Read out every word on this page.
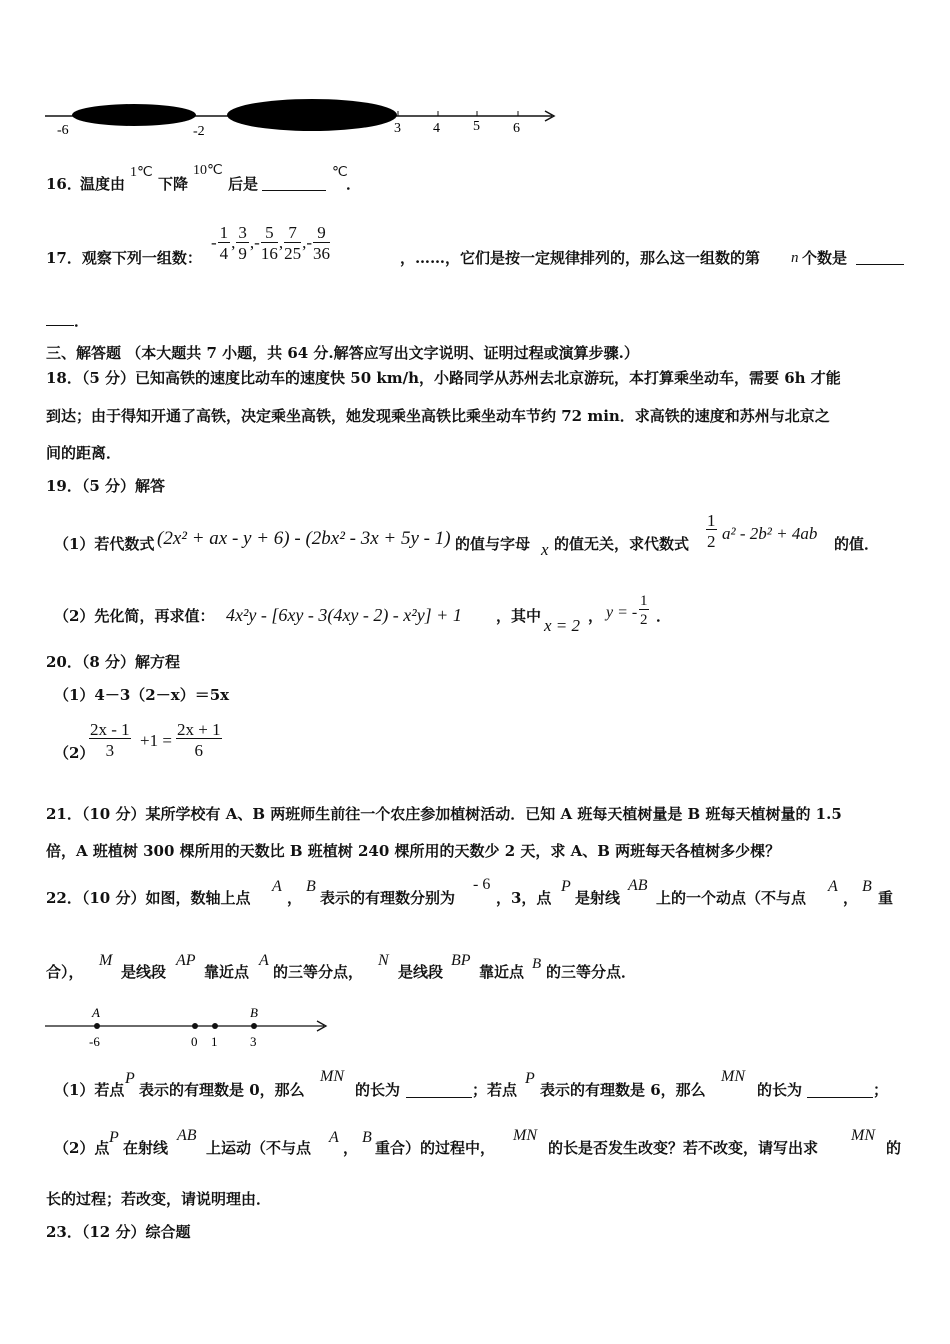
-6	-2	3 4 5 6
16．
温度由
1℃
下降
10℃
后是
℃
．
17．观察下列一组数：
- $\frac{1}{4}$ , $\frac{3}{9}$ ,- $\frac{5}{16}$ , $\frac{7}{25}$ ,- $\frac{9}{36}$	，……，它们是按一定规律排列的，那么这一组数的第 n 个数是
．
三、解答题 （本大题共 7 小题，共 64 分.解答应写出文字说明、证明过程或演算步骤.）
18．（5 分）已知高铁的速度比动车的速度快 50 km/h，小路同学从苏州去北京游玩，本打算乘坐动车，需要 6h 才能
到达；由于得知开通了高铁，决定乘坐高铁，她发现乘坐高铁比乘坐动车节约 72 min．求高铁的速度和苏州与北京之
间的距离．
19．（5 分）解答
（1）若代数式 (2x² + ax - y + 6) - (2bx² - 3x + 5y - 1) 的值与字母 x 的值无关，求代数式 $\frac{1}{2} a^2 - 2b^2 + 4ab$
的值．
（2）先化简，再求值： 4x²y - [6xy - 3(4xy - 2) - x²y] + 1 ，其中 x = 2 ， y = - $\frac{1}{2}$ ．
20．（8 分）解方程
（1）4－3（2－x）＝5x
（2）
$\frac{2x - 1}{3} +1 = \frac{2x + 1}{6}$
21．（10 分）某所学校有 A、B 两班师生前往一个农庄参加植树活动．已知 A 班每天植树量是 B 班每天植树量的 1.5
倍，A 班植树 300 棵所用的天数比 B 班植树 240 棵所用的天数少 2 天，求 A、B 两班每天各植树多少棵？
22．（10 分）如图，数轴上点
A
，
B
表示的有理数分别为
- 6
，3，点
P
是射线
AB
上的一个动点（不与点
A
，
B
重
合），
M
是线段
AP
靠近点
A
的三等分点，
N
是线段
BP
靠近点 B 的三等分点．
A	B
-6	0 1	3
（1）若点
P
表示的有理数是 0，那么
MN
的长为	；若点
P
表示的有理数是 6，那么
MN
的长为	；
（2）点
P
在射线
AB
上运动（不与点
A
，
B
重合）的过程中，
MN
的长是否发生改变？若不改变，请写出求
MN
的
长的过程；若改变，请说明理由．
23．（12 分）综合题
